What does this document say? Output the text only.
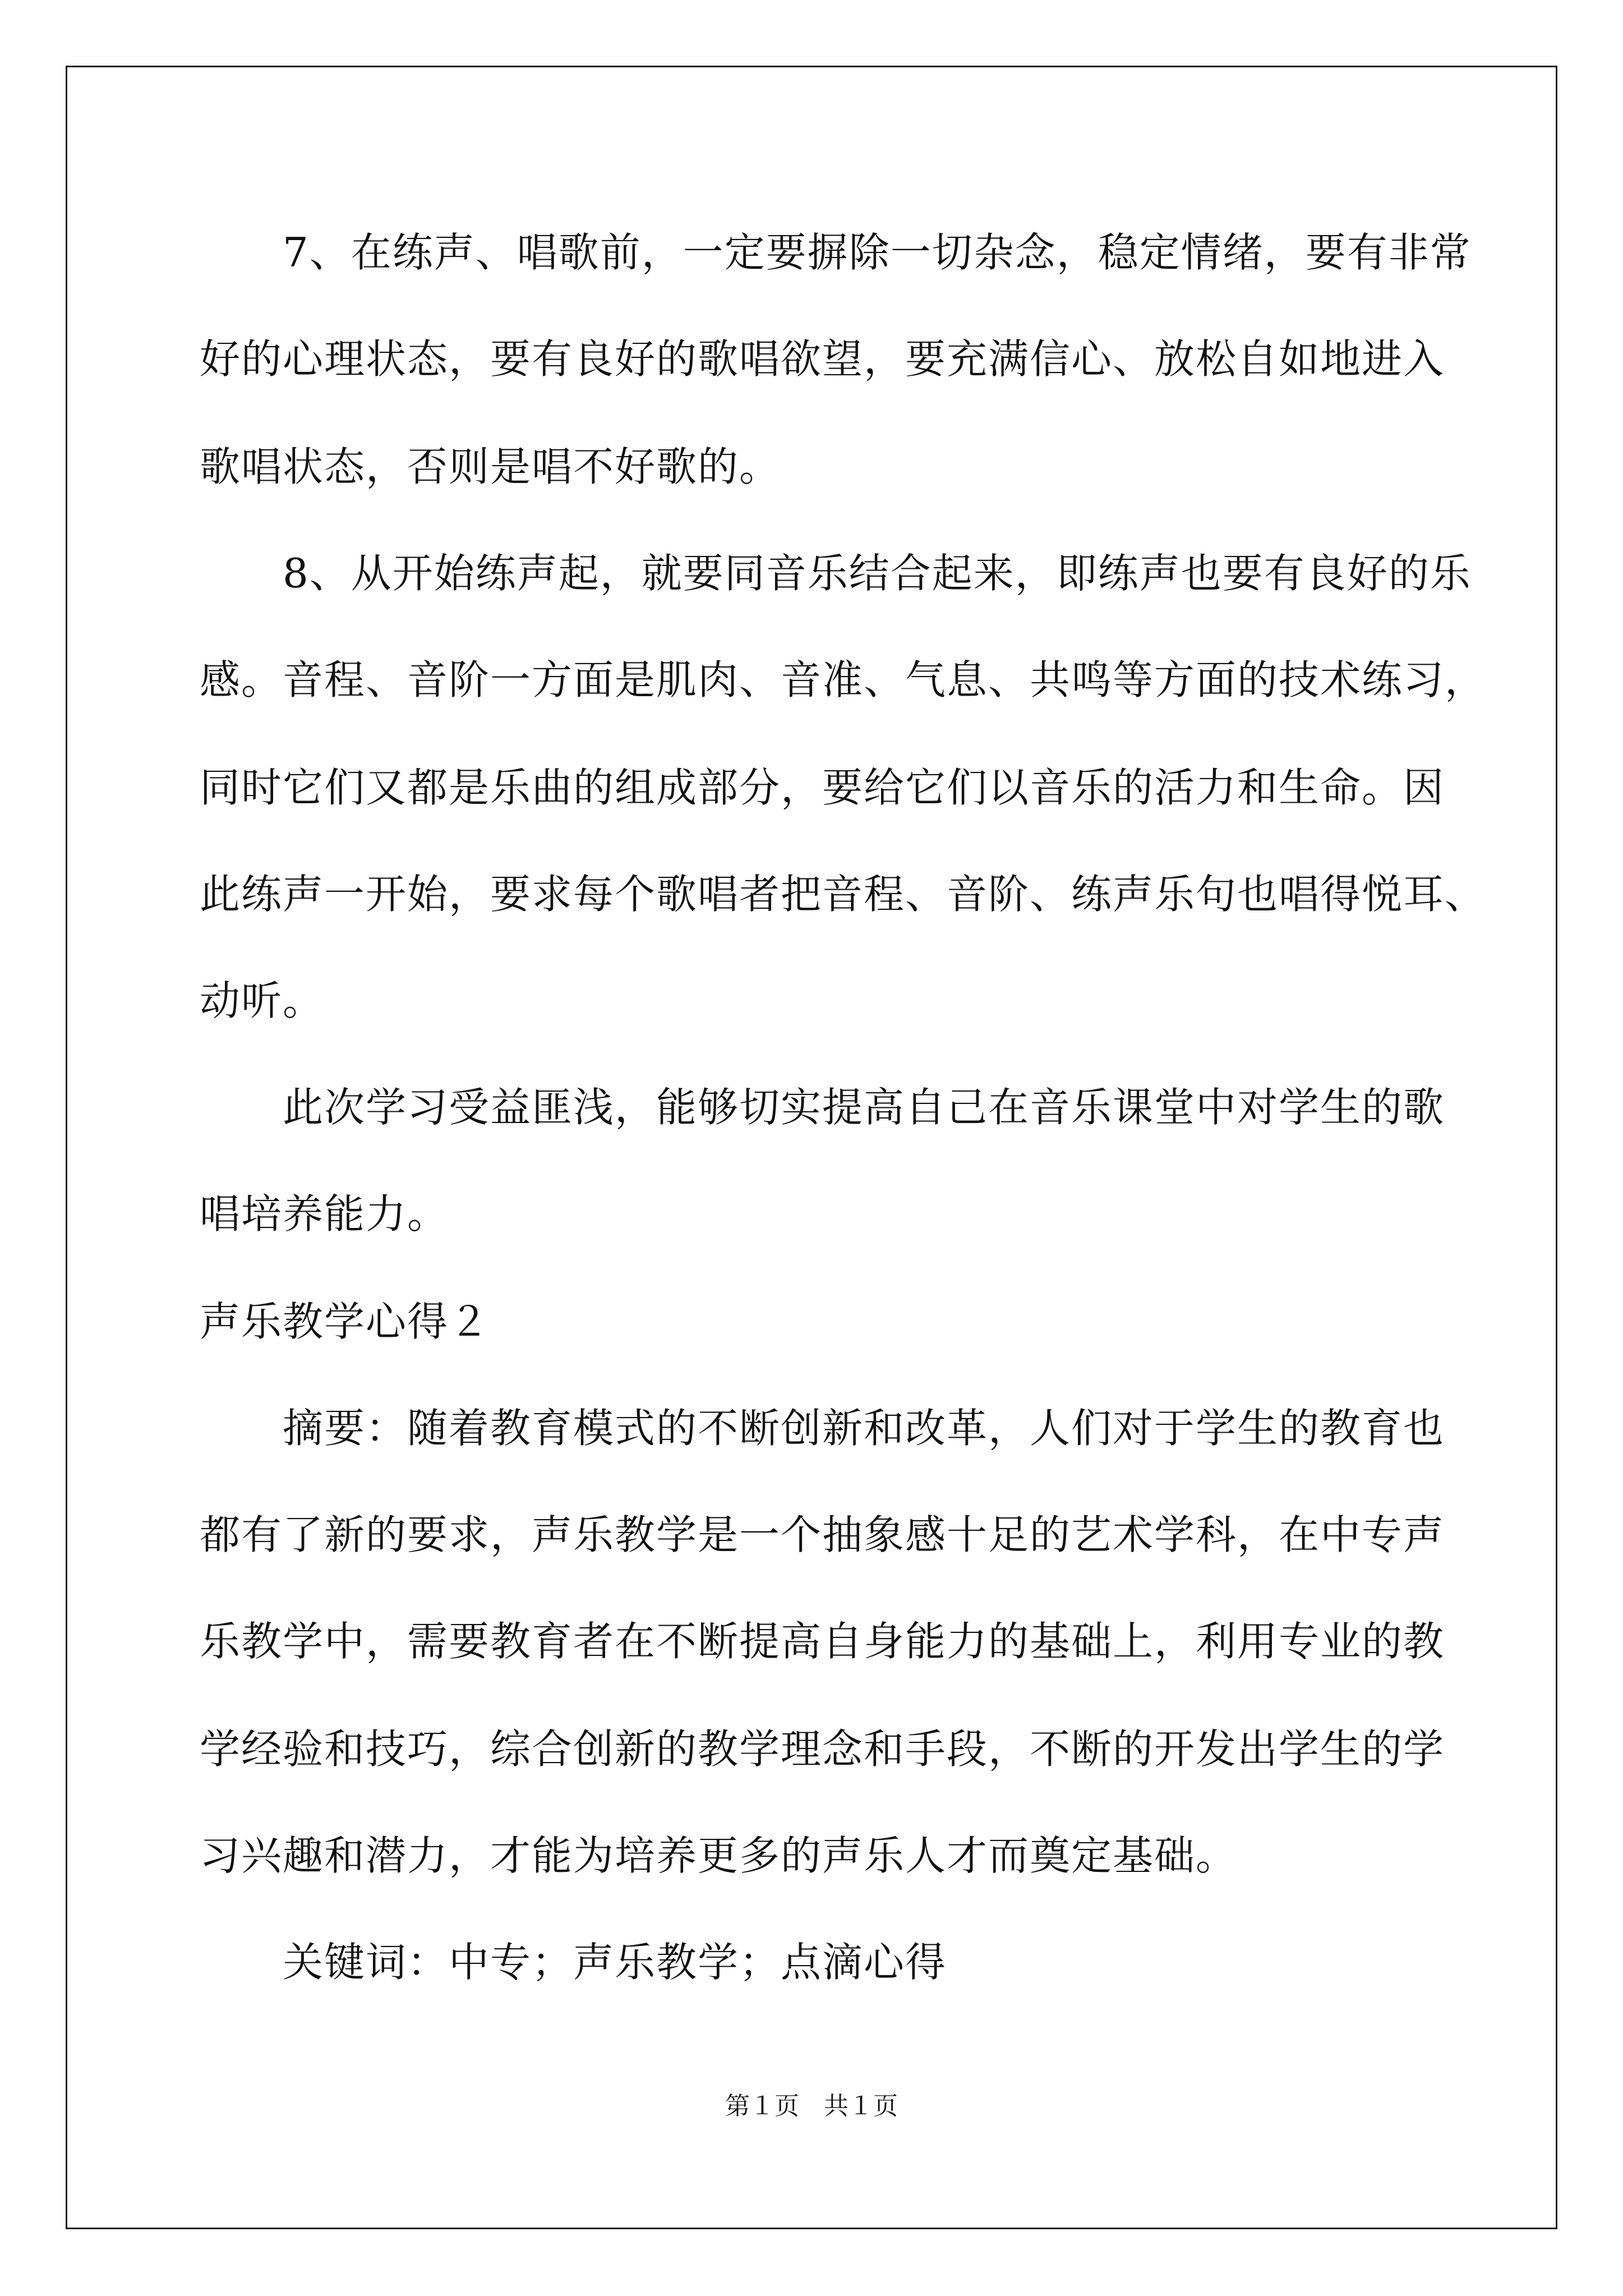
　　7、在练声、唱歌前，一定要摒除一切杂念，稳定情绪，要有非常
好的心理状态，要有良好的歌唱欲望，要充满信心、放松自如地进入
歌唱状态，否则是唱不好歌的。
　　8、从开始练声起，就要同音乐结合起来，即练声也要有良好的乐
感。音程、音阶一方面是肌肉、音准、气息、共鸣等方面的技术练习，
同时它们又都是乐曲的组成部分，要给它们以音乐的活力和生命。因
此练声一开始，要求每个歌唱者把音程、音阶、练声乐句也唱得悦耳、
动听。
　　此次学习受益匪浅，能够切实提高自己在音乐课堂中对学生的歌
唱培养能力。
声乐教学心得２
　　摘要：随着教育模式的不断创新和改革，人们对于学生的教育也
都有了新的要求，声乐教学是一个抽象感十足的艺术学科，在中专声
乐教学中，需要教育者在不断提高自身能力的基础上，利用专业的教
学经验和技巧，综合创新的教学理念和手段，不断的开发出学生的学
习兴趣和潜力，才能为培养更多的声乐人才而奠定基础。
　　关键词：中专；声乐教学；点滴心得
第１页　共１页
